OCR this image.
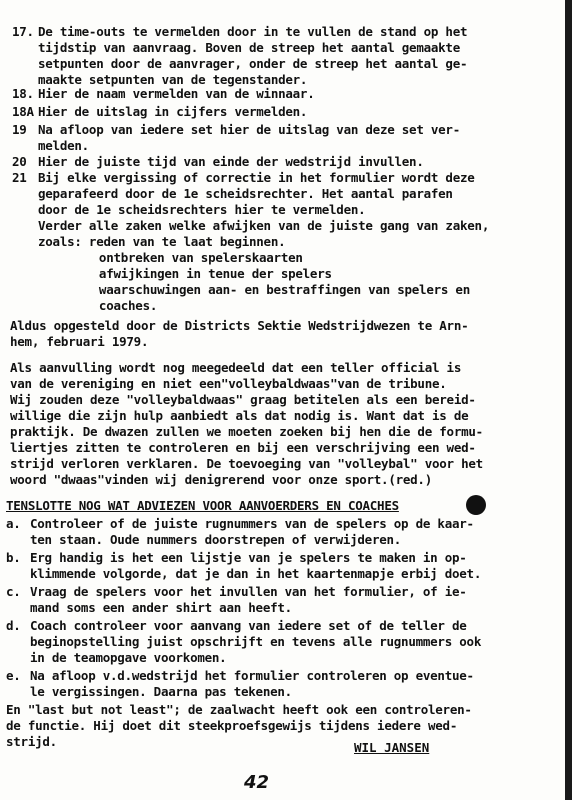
17. De time-outs te vermelden door in te vullen de stand op het
tijdstip van aanvraag. Boven de streep het aantal gemaakte
setpunten door de aanvrager, onder de streep het aantal ge-
maakte setpunten van de tegenstander.
18. Hier de naam vermelden van de winnaar.
18A Hier de uitslag in cijfers vermelden.
19 Na afloop van iedere set hier de uitslag van deze set ver-
melden.
20 Hier de juiste tijd van einde der wedstrijd invullen.
21 Bij elke vergissing of correctie in het formulier wordt deze
geparafeerd door de 1e scheidsrechter. Het aantal parafen
door de 1e scheidsrechters hier te vermelden.
Verder alle zaken welke afwijken van de juiste gang van zaken,
zoals: reden van te laat beginnen.
ontbreken van spelerskaarten
afwijkingen in tenue der spelers
waarschuwingen aan- en bestraffingen van spelers en
coaches.
Aldus opgesteld door de Districts Sektie Wedstrijdwezen te Arn-
hem, februari 1979.
Als aanvulling wordt nog meegedeeld dat een teller official is
van de vereniging en niet een"volleybaldwaas"van de tribune.
Wij zouden deze "volleybaldwaas" graag betitelen als een bereid-
willige die zijn hulp aanbiedt als dat nodig is. Want dat is de
praktijk. De dwazen zullen we moeten zoeken bij hen die de formu-
liertjes zitten te controleren en bij een verschrijving een wed-
strijd verloren verklaren. De toevoeging van "volleybal" voor het
woord "dwaas"vinden wij denigrerend voor onze sport.(red.)
TENSLOTTE NOG WAT ADVIEZEN VOOR AANVOERDERS EN COACHES
a. Controleer of de juiste rugnummers van de spelers op de kaar-
ten staan. Oude nummers doorstrepen of verwijderen.
b. Erg handig is het een lijstje van je spelers te maken in op-
klimmende volgorde, dat je dan in het kaartenmapje erbij doet.
c. Vraag de spelers voor het invullen van het formulier, of ie-
mand soms een ander shirt aan heeft.
d. Coach controleer voor aanvang van iedere set of de teller de
beginopstelling juist opschrijft en tevens alle rugnummers ook
in de teamopgave voorkomen.
e. Na afloop v.d.wedstrijd het formulier controleren op eventue-
le vergissingen. Daarna pas tekenen.
En "last but not least"; de zaalwacht heeft ook een controleren-
de functie. Hij doet dit steekproefsgewijs tijdens iedere wed-
strijd.	WIL JANSEN
42
